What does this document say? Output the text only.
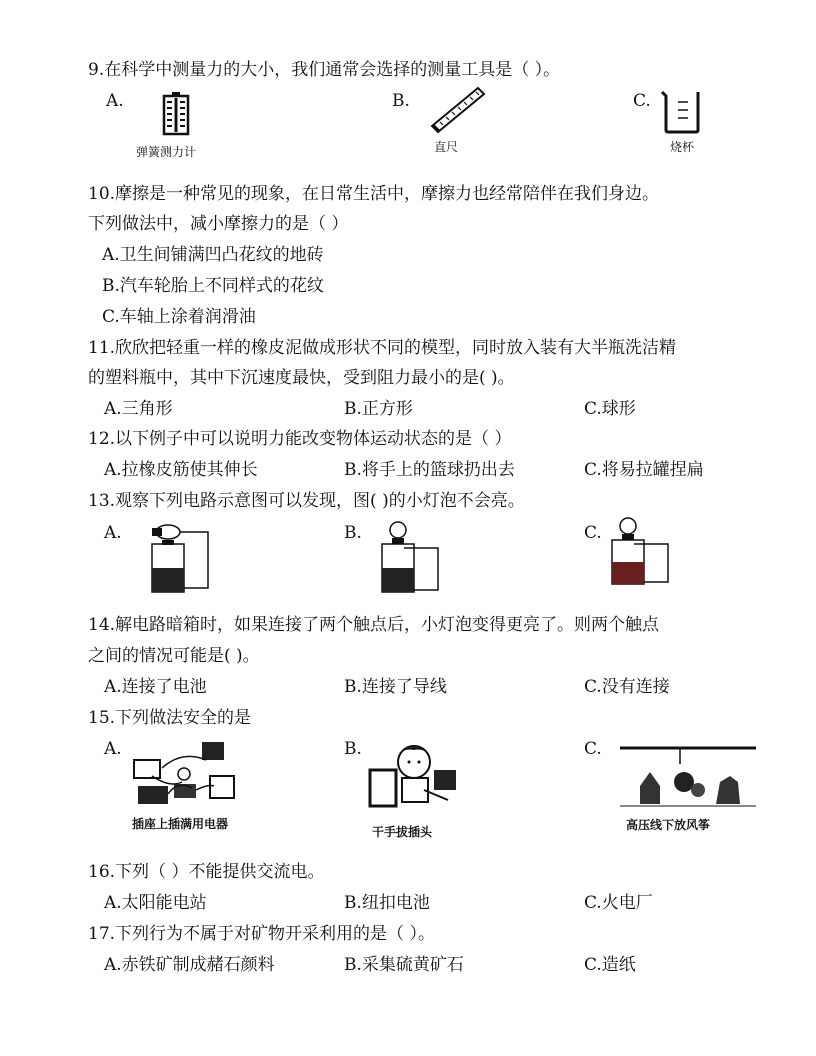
9.在科学中测量力的大小，我们通常会选择的测量工具是（ ）。
A.
弹簧测力计
B.
直尺
C.
烧杯
10.摩擦是一种常见的现象，在日常生活中，摩擦力也经常陪伴在我们身边。
下列做法中，减小摩擦力的是（ ）
A.卫生间铺满凹凸花纹的地砖
B.汽车轮胎上不同样式的花纹
C.车轴上涂着润滑油
11.欣欣把轻重一样的橡皮泥做成形状不同的模型，同时放入装有大半瓶洗洁精
的塑料瓶中，其中下沉速度最快，受到阻力最小的是( )。
A.三角形	B.正方形	C.球形
12.以下例子中可以说明力能改变物体运动状态的是（ ）
A.拉橡皮筋使其伸长	B.将手上的篮球扔出去	C.将易拉罐捏扁
13.观察下列电路示意图可以发现，图( )的小灯泡不会亮。
A.	B.	C.
14.解电路暗箱时，如果连接了两个触点后，小灯泡变得更亮了。则两个触点
之间的情况可能是( )。
A.连接了电池	B.连接了导线	C.没有连接
15.下列做法安全的是
A.
插座上插满用电器
B.
干手拔插头
C.
高压线下放风筝
16.下列（ ）不能提供交流电。
A.太阳能电站	B.纽扣电池	C.火电厂
17.下列行为不属于对矿物开采利用的是（ ）。
A.赤铁矿制成赭石颜料	B.采集硫黄矿石	C.造纸
